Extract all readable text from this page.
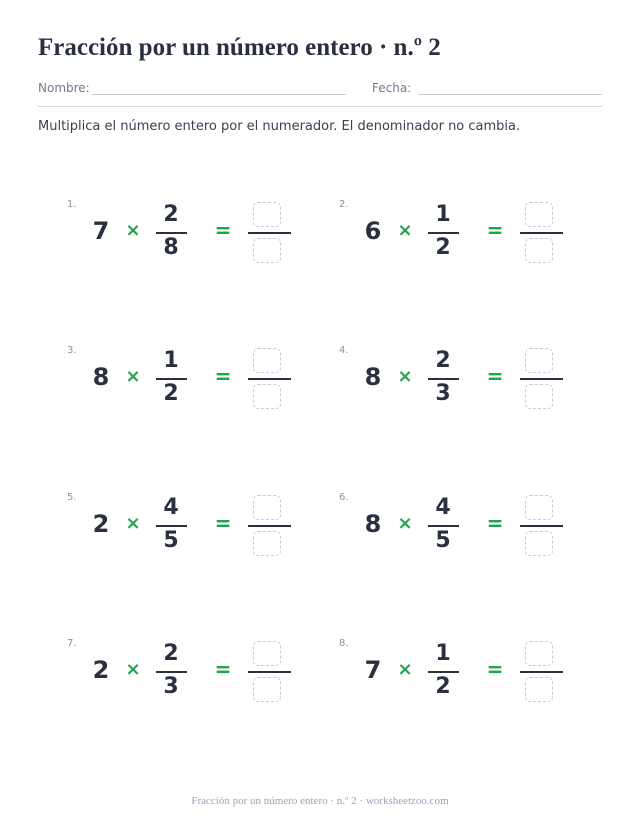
Fracción por un número entero · n.º 2
Nombre:	Fecha:

Multiplica el número entero por el numerador. El denominador no cambia.

1.
7 ×
2
8
=
2.
6 ×
1
2
=
3.
8 ×
1
2
=
4.
8 ×
2
3
=
5.
2 ×
4
5
=
6.
8 ×
4
5
=
7.
2 ×
2
3
=
8.
7 ×
1
2
=
Fracción por un número entero · n.º 2 · worksheetzoo.com
